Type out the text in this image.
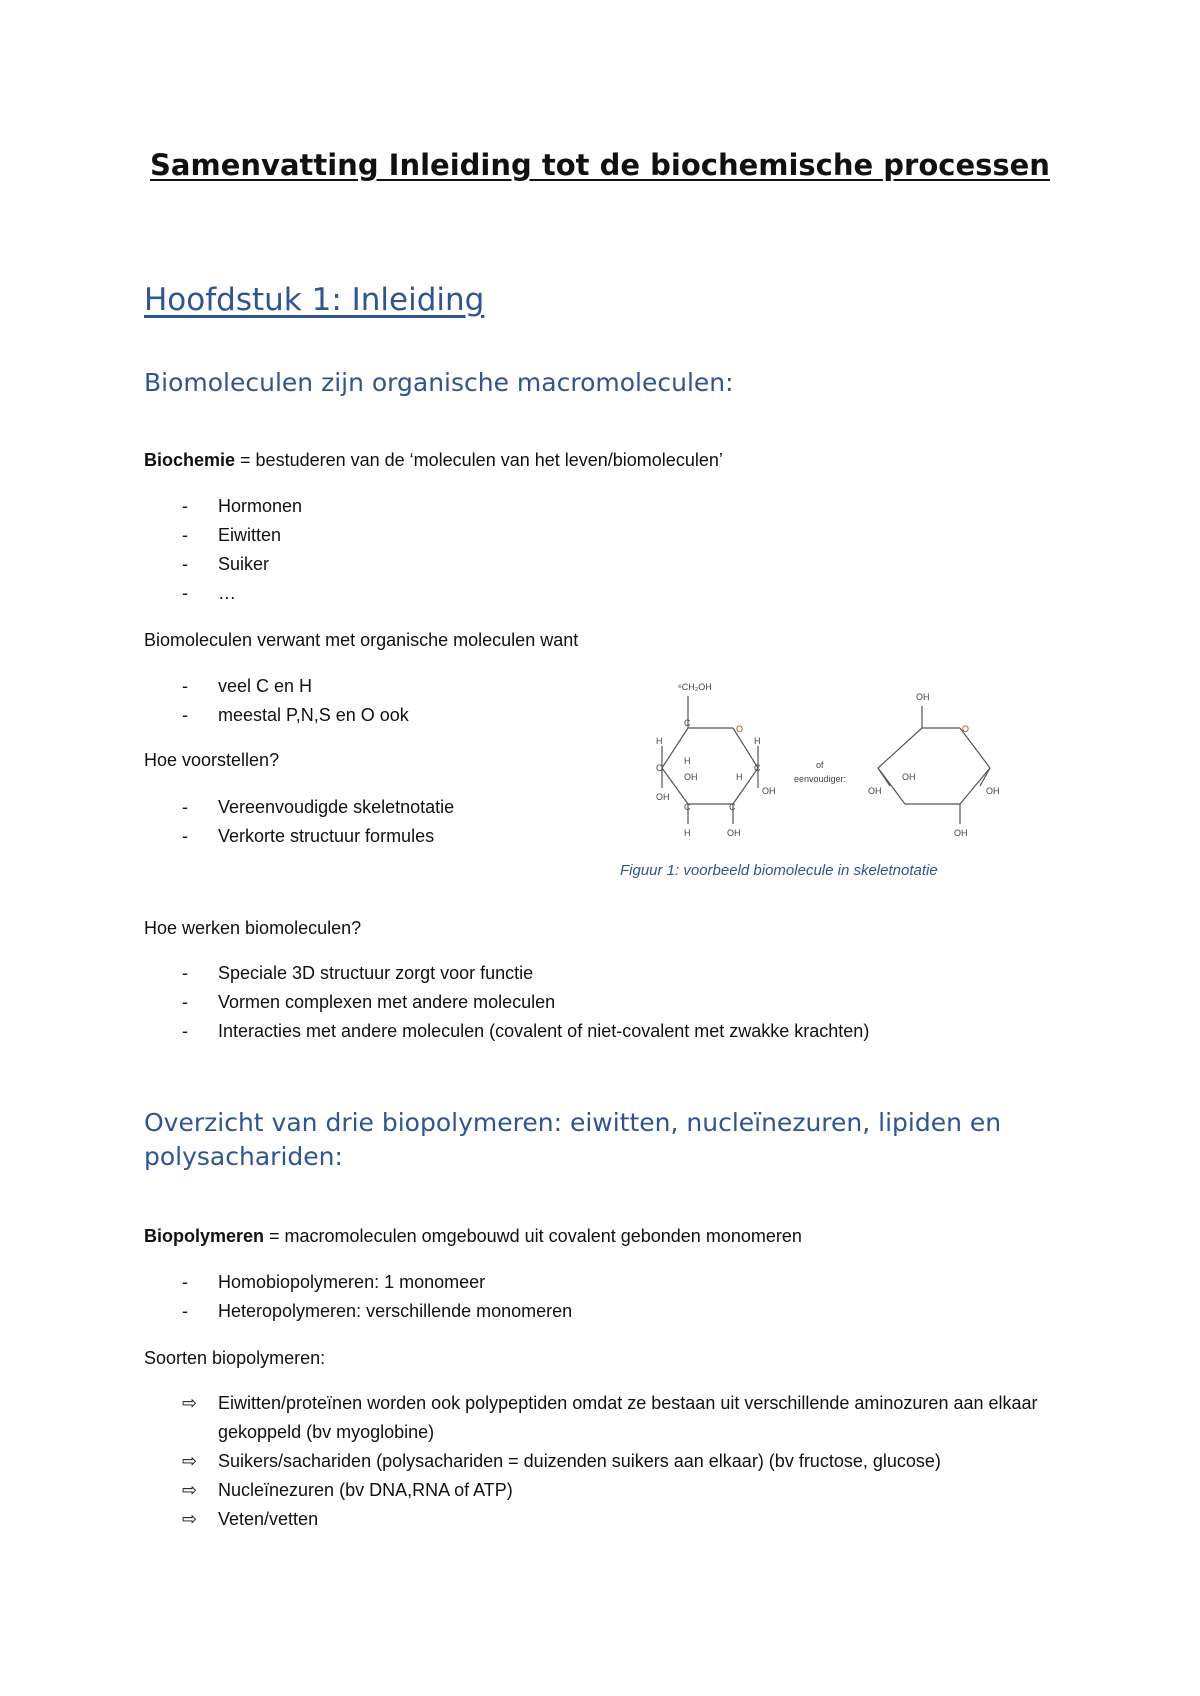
Samenvatting Inleiding tot de biochemische processen
Hoofdstuk 1: Inleiding
Biomoleculen zijn organische macromoleculen:
Biochemie = bestuderen van de ‘moleculen van het leven/biomoleculen’
- Hormonen
- Eiwitten
- Suiker
- …
Biomoleculen verwant met organische moleculen want
- veel C en H
- meestal P,N,S en O ook
Hoe voorstellen?
- Vereenvoudigde skeletnotatie
- Verkorte structuur formules
⁶CH₂OH
C
O
H
C
OH
H
C
OH
C	C
H	OH
H
OH	H
of
eenvoudiger:
OH
O
OH
OH
OH
OH
Figuur 1: voorbeeld biomolecule in skeletnotatie
Hoe werken biomoleculen?
- Speciale 3D structuur zorgt voor functie
- Vormen complexen met andere moleculen
- Interacties met andere moleculen (covalent of niet-covalent met zwakke krachten)
Overzicht van drie biopolymeren: eiwitten, nucleïnezuren, lipiden en polysachariden:
Biopolymeren = macromoleculen omgebouwd uit covalent gebonden monomeren
- Homobiopolymeren: 1 monomeer
- Heteropolymeren: verschillende monomeren
Soorten biopolymeren:
⇨	Eiwitten/proteïnen worden ook polypeptiden omdat ze bestaan uit verschillende aminozuren aan elkaar gekoppeld (bv myoglobine)
⇨	Suikers/sachariden (polysachariden = duizenden suikers aan elkaar) (bv fructose, glucose)
⇨	Nucleïnezuren (bv DNA,RNA of ATP)
⇨	Veten/vetten
